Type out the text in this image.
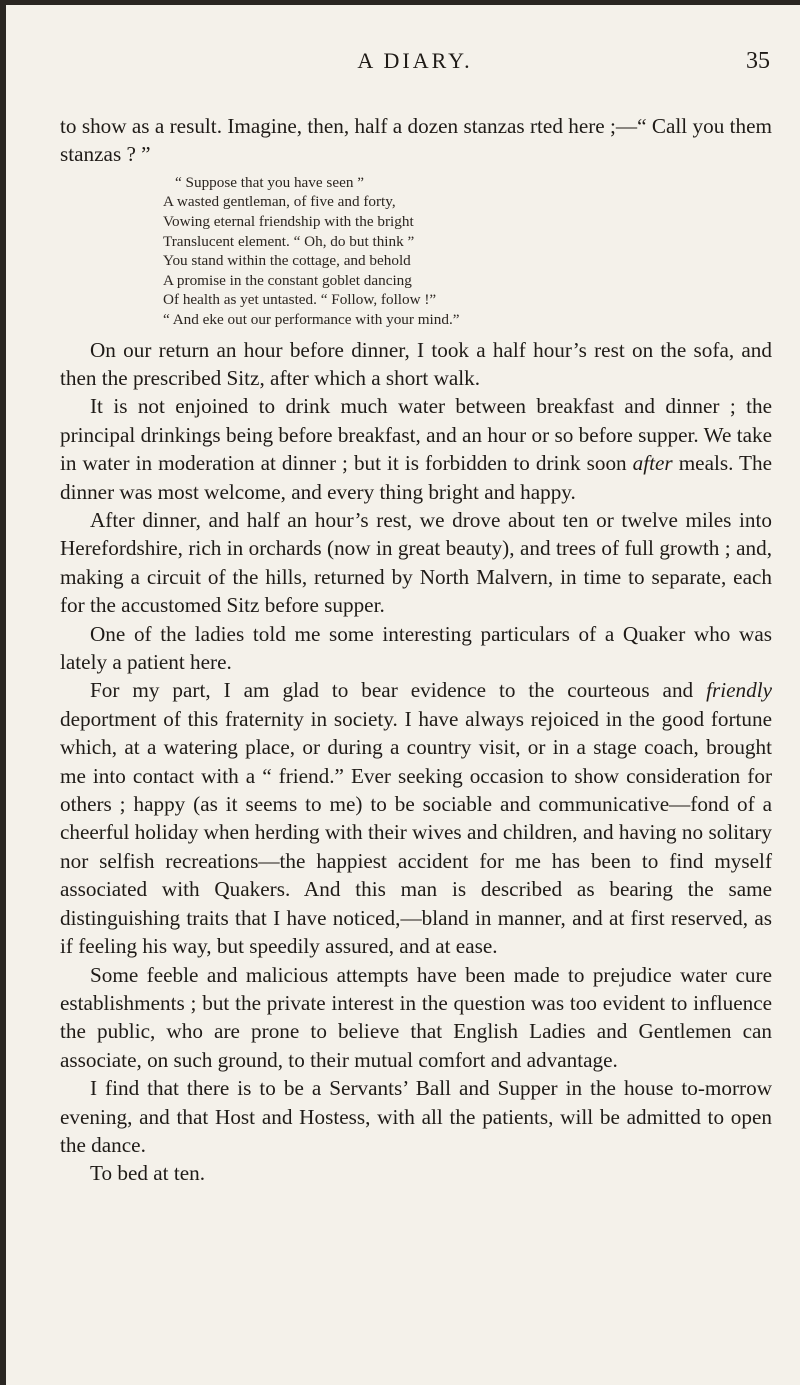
A DIARY.	35

to show as a result. Imagine, then, half a dozen stanzas rted here ;—“ Call you them stanzas ? ”

“ Suppose that you have seen ”
A wasted gentleman, of five and forty,
Vowing eternal friendship with the bright
Translucent element. “ Oh, do but think ”
You stand within the cottage, and behold
A promise in the constant goblet dancing
Of health as yet untasted. “ Follow, follow !”
“ And eke out our performance with your mind.”

On our return an hour before dinner, I took a half hour’s rest on the sofa, and then the prescribed Sitz, after which a short walk.

It is not enjoined to drink much water between breakfast and dinner ; the principal drinkings being before breakfast, and an hour or so before supper. We take in water in moderation at dinner ; but it is forbidden to drink soon after meals. The dinner was most welcome, and every thing bright and happy.

After dinner, and half an hour’s rest, we drove about ten or twelve miles into Herefordshire, rich in orchards (now in great beauty), and trees of full growth ; and, making a circuit of the hills, returned by North Malvern, in time to separate, each for the accustomed Sitz before supper.

One of the ladies told me some interesting particulars of a Quaker who was lately a patient here.

For my part, I am glad to bear evidence to the courteous and friendly deportment of this fraternity in society. I have always rejoiced in the good fortune which, at a watering place, or during a country visit, or in a stage coach, brought me into contact with a “ friend.” Ever seeking occasion to show consideration for others ; happy (as it seems to me) to be sociable and communicative—fond of a cheerful holiday when herding with their wives and children, and having no solitary nor selfish recreations—the happiest accident for me has been to find myself associated with Quakers. And this man is described as bearing the same distinguishing traits that I have noticed,—bland in manner, and at first reserved, as if feeling his way, but speedily assured, and at ease.

Some feeble and malicious attempts have been made to prejudice water cure establishments ; but the private interest in the question was too evident to influence the public, who are prone to believe that English Ladies and Gentlemen can associate, on such ground, to their mutual comfort and advantage.

I find that there is to be a Servants’ Ball and Supper in the house to-morrow evening, and that Host and Hostess, with all the patients, will be admitted to open the dance.

To bed at ten.
